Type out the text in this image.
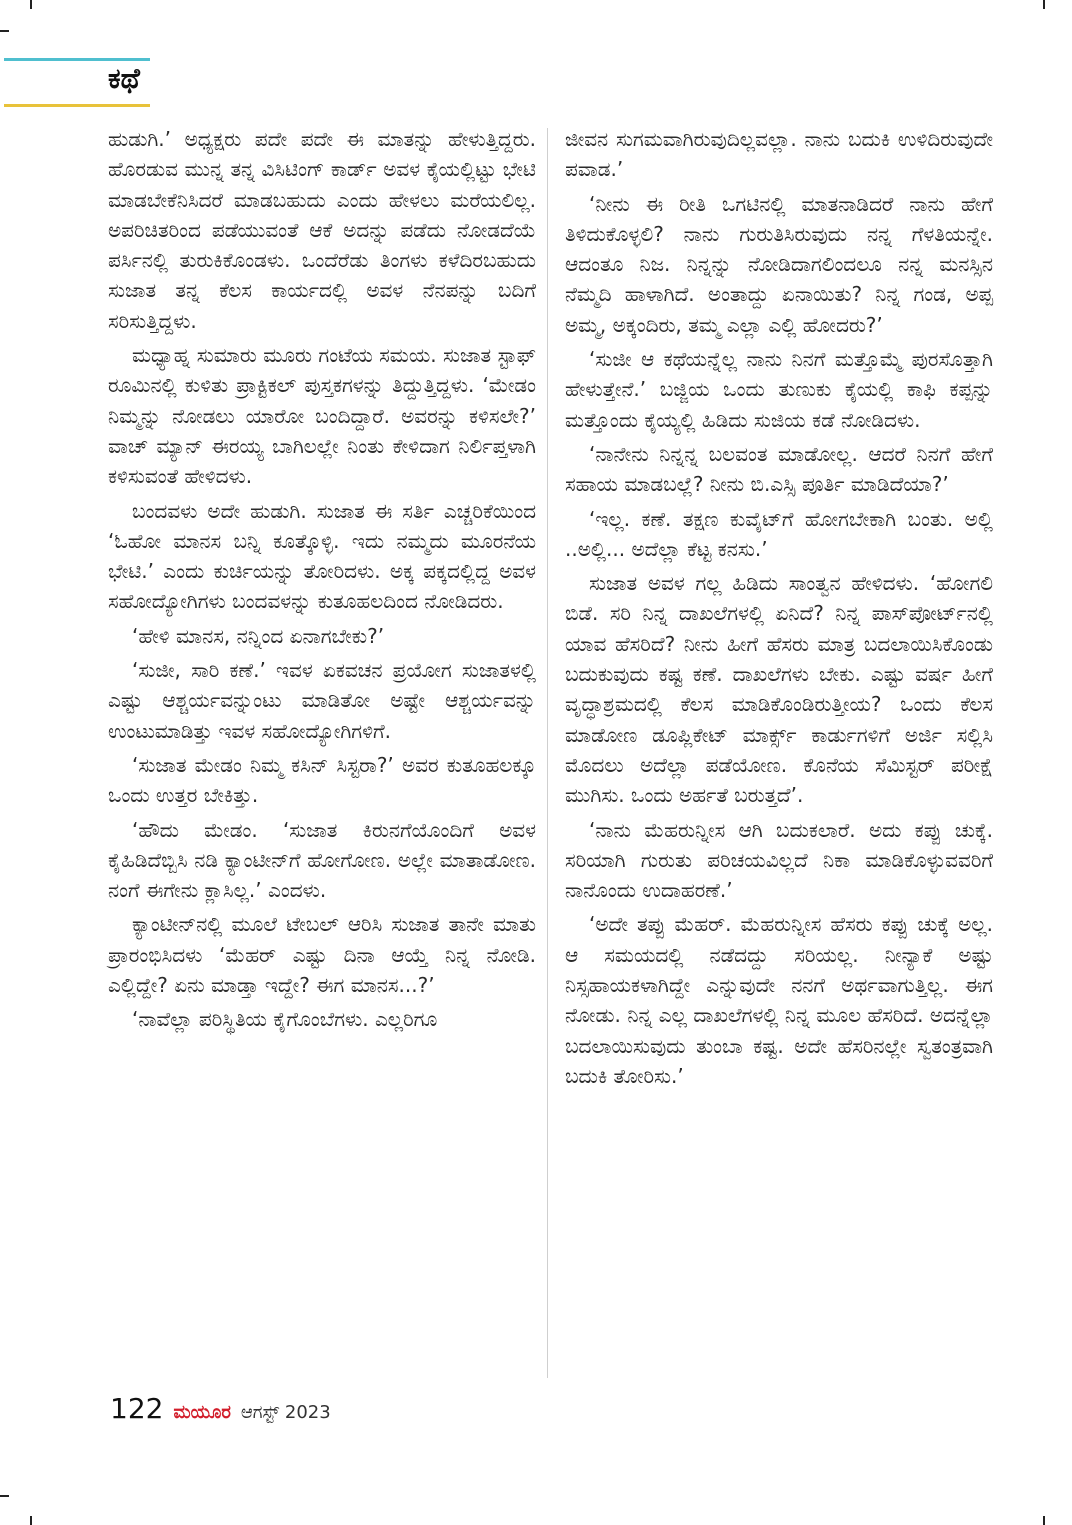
ಕಥೆ

ಹುಡುಗಿ.’ ಅಧ್ಯಕ್ಷರು ಪದೇ ಪದೇ ಈ ಮಾತನ್ನು ಹೇಳುತ್ತಿದ್ದರು. ಹೊರಡುವ ಮುನ್ನ ತನ್ನ ವಿಸಿಟಿಂಗ್ ಕಾರ್ಡ್ ಅವಳ ಕೈಯಲ್ಲಿಟ್ಟು ಭೇಟಿ ಮಾಡಬೇಕೆನಿಸಿದರೆ ಮಾಡಬಹುದು ಎಂದು ಹೇಳಲು ಮರೆಯಲಿಲ್ಲ. ಅಪರಿಚಿತರಿಂದ ಪಡೆಯುವಂತೆ ಆಕೆ ಅದನ್ನು ಪಡೆದು ನೋಡದೆಯೆ ಪರ್ಸಿನಲ್ಲಿ ತುರುಕಿಕೊಂಡಳು. ಒಂದೆರೆಡು ತಿಂಗಳು ಕಳೆದಿರಬಹುದು ಸುಜಾತ ತನ್ನ ಕೆಲಸ ಕಾರ್ಯದಲ್ಲಿ ಅವಳ ನೆನಪನ್ನು ಬದಿಗೆ ಸರಿಸುತ್ತಿದ್ದಳು.

ಮಧ್ಯಾಹ್ನ ಸುಮಾರು ಮೂರು ಗಂಟೆಯ ಸಮಯ. ಸುಜಾತ ಸ್ಟಾಫ್ ರೂಮಿನಲ್ಲಿ ಕುಳಿತು ಪ್ರಾಕ್ಟಿಕಲ್ ಪುಸ್ತಕಗಳನ್ನು ತಿದ್ದುತ್ತಿದ್ದಳು. ‘ಮೇಡಂ ನಿಮ್ಮನ್ನು ನೋಡಲು ಯಾರೋ ಬಂದಿದ್ದಾರೆ. ಅವರನ್ನು ಕಳಿಸಲೇ?’ ವಾಚ್ ಮ್ಯಾನ್ ಈರಯ್ಯ ಬಾಗಿಲಲ್ಲೇ ನಿಂತು ಕೇಳಿದಾಗ ನಿರ್ಲಿಪ್ತಳಾಗಿ ಕಳಿಸುವಂತೆ ಹೇಳಿದಳು.

ಬಂದವಳು ಅದೇ ಹುಡುಗಿ. ಸುಜಾತ ಈ ಸರ್ತಿ ಎಚ್ಚರಿಕೆಯಿಂದ ‘ಓಹೋ ಮಾನಸ ಬನ್ನಿ ಕೂತ್ಕೊಳ್ಳಿ. ಇದು ನಮ್ಮದು ಮೂರನೆಯ ಭೇಟಿ.’ ಎಂದು ಕುರ್ಚಿಯನ್ನು ತೋರಿದಳು. ಅಕ್ಕ ಪಕ್ಕದಲ್ಲಿದ್ದ ಅವಳ ಸಹೋದ್ಯೋಗಿಗಳು ಬಂದವಳನ್ನು ಕುತೂಹಲದಿಂದ ನೋಡಿದರು.

‘ಹೇಳಿ ಮಾನಸ, ನನ್ನಿಂದ ಏನಾಗಬೇಕು?’

‘ಸುಜೀ, ಸಾರಿ ಕಣೆ.’ ಇವಳ ಏಕವಚನ ಪ್ರಯೋಗ ಸುಜಾತಳಲ್ಲಿ ಎಷ್ಟು ಆಶ್ಚರ್ಯವನ್ನುಂಟು ಮಾಡಿತೋ ಅಷ್ಟೇ ಆಶ್ಚರ್ಯವನ್ನು ಉಂಟುಮಾಡಿತ್ತು ಇವಳ ಸಹೋದ್ಯೋಗಿಗಳಿಗೆ.

‘ಸುಜಾತ ಮೇಡಂ ನಿಮ್ಮ ಕಸಿನ್ ಸಿಸ್ಟರಾ?’ ಅವರ ಕುತೂಹಲಕ್ಕೂ ಒಂದು ಉತ್ತರ ಬೇಕಿತ್ತು.

‘ಹೌದು ಮೇಡಂ. ‘ಸುಜಾತ ಕಿರುನಗೆಯೊಂದಿಗೆ ಅವಳ ಕೈಹಿಡಿದೆಬ್ಬಿಸಿ ನಡಿ ಕ್ಯಾಂಟೀನ್‌ಗೆ ಹೋಗೋಣ. ಅಲ್ಲೇ ಮಾತಾಡೋಣ. ನಂಗೆ ಈಗೇನು ಕ್ಲಾಸಿಲ್ಲ.’ ಎಂದಳು.

ಕ್ಯಾಂಟೀನ್‌ನಲ್ಲಿ ಮೂಲೆ ಟೇಬಲ್ ಆರಿಸಿ ಸುಜಾತ ತಾನೇ ಮಾತು ಪ್ರಾರಂಭಿಸಿದಳು ‘ಮೆಹರ್ ಎಷ್ಟು ದಿನಾ ಆಯ್ತೆ ನಿನ್ನ ನೋಡಿ. ಎಲ್ಲಿದ್ದೇ? ಏನು ಮಾಡ್ತಾ ಇದ್ದೇ? ಈಗ ಮಾನಸ...?’

‘ನಾವೆಲ್ಲಾ ಪರಿಸ್ಥಿತಿಯ ಕೈಗೊಂಬೆಗಳು. ಎಲ್ಲರಿಗೂ

ಜೀವನ ಸುಗಮವಾಗಿರುವುದಿಲ್ಲವಲ್ಲಾ. ನಾನು ಬದುಕಿ ಉಳಿದಿರುವುದೇ ಪವಾಡ.’

‘ನೀನು ಈ ರೀತಿ ಒಗಟಿನಲ್ಲಿ ಮಾತನಾಡಿದರೆ ನಾನು ಹೇಗೆ ತಿಳಿದುಕೊಳ್ಳಲಿ? ನಾನು ಗುರುತಿಸಿರುವುದು ನನ್ನ ಗೆಳತಿಯನ್ನೇ. ಆದಂತೂ ನಿಜ. ನಿನ್ನನ್ನು ನೋಡಿದಾಗಲಿಂದಲೂ ನನ್ನ ಮನಸ್ಸಿನ ನೆಮ್ಮದಿ ಹಾಳಾಗಿದೆ. ಅಂತಾದ್ದು ಏನಾಯಿತು? ನಿನ್ನ ಗಂಡ, ಅಪ್ಪ ಅಮ್ಮ, ಅಕ್ಕಂದಿರು, ತಮ್ಮ ಎಲ್ಲಾ ಎಲ್ಲಿ ಹೋದರು?’

‘ಸುಜೀ ಆ ಕಥೆಯನ್ನೆಲ್ಲ ನಾನು ನಿನಗೆ ಮತ್ತೊಮ್ಮೆ ಪುರಸೊತ್ತಾಗಿ ಹೇಳುತ್ತೇನೆ.’ ಬಜ್ಜಿಯ ಒಂದು ತುಣುಕು ಕೈಯಲ್ಲಿ ಕಾಫಿ ಕಪ್ಪನ್ನು ಮತ್ತೊಂದು ಕೈಯ್ಯಲ್ಲಿ ಹಿಡಿದು ಸುಜಿಯ ಕಡೆ ನೋಡಿದಳು.

‘ನಾನೇನು ನಿನ್ನನ್ನ ಬಲವಂತ ಮಾಡೋಲ್ಲ. ಆದರೆ ನಿನಗೆ ಹೇಗೆ ಸಹಾಯ ಮಾಡಬಲ್ಲೆ? ನೀನು ಬಿ.ಎಸ್ಸಿ ಪೂರ್ತಿ ಮಾಡಿದೆಯಾ?’

‘ಇಲ್ಲ. ಕಣೆ. ತಕ್ಷಣ ಕುವೈಟ್‌ಗೆ ಹೋಗಬೇಕಾಗಿ ಬಂತು. ಅಲ್ಲಿ ..ಅಲ್ಲಿ... ಅದೆಲ್ಲಾ ಕೆಟ್ಟ ಕನಸು.’

ಸುಜಾತ ಅವಳ ಗಲ್ಲ ಹಿಡಿದು ಸಾಂತ್ವನ ಹೇಳಿದಳು. ‘ಹೋಗಲಿ ಬಿಡೆ. ಸರಿ ನಿನ್ನ ದಾಖಲೆಗಳಲ್ಲಿ ಏನಿದೆ? ನಿನ್ನ ಪಾಸ್‌ಪೋರ್ಟ್‌ನಲ್ಲಿ ಯಾವ ಹೆಸರಿದೆ? ನೀನು ಹೀಗೆ ಹೆಸರು ಮಾತ್ರ ಬದಲಾಯಿಸಿಕೊಂಡು ಬದುಕುವುದು ಕಷ್ಟ ಕಣೆ. ದಾಖಲೆಗಳು ಬೇಕು. ಎಷ್ಟು ವರ್ಷ ಹೀಗೆ ವೃದ್ಧಾಶ್ರಮದಲ್ಲಿ ಕೆಲಸ ಮಾಡಿಕೊಂಡಿರುತ್ತೀಯ? ಒಂದು ಕೆಲಸ ಮಾಡೋಣ ಡೂಪ್ಲಿಕೇಟ್ ಮಾರ್ಕ್ಸ್ ಕಾರ್ಡುಗಳಿಗೆ ಅರ್ಜಿ ಸಲ್ಲಿಸಿ ಮೊದಲು ಅದೆಲ್ಲಾ ಪಡೆಯೋಣ. ಕೊನೆಯ ಸೆಮಿಸ್ಟರ್ ಪರೀಕ್ಷೆ ಮುಗಿಸು. ಒಂದು ಅರ್ಹತೆ ಬರುತ್ತದೆ’.

‘ನಾನು ಮೆಹರುನ್ನೀಸ ಆಗಿ ಬದುಕಲಾರೆ. ಅದು ಕಪ್ಪು ಚುಕ್ಕೆ. ಸರಿಯಾಗಿ ಗುರುತು ಪರಿಚಯವಿಲ್ಲದೆ ನಿಕಾ ಮಾಡಿಕೊಳ್ಳುವವರಿಗೆ ನಾನೊಂದು ಉದಾಹರಣೆ.’

‘ಅದೇ ತಪ್ಪು ಮೆಹರ್. ಮೆಹರುನ್ನೀಸ ಹೆಸರು ಕಪ್ಪು ಚುಕ್ಕೆ ಅಲ್ಲ. ಆ ಸಮಯದಲ್ಲಿ ನಡೆದದ್ದು ಸರಿಯಲ್ಲ. ನೀನ್ಯಾಕೆ ಅಷ್ಟು ನಿಸ್ಸಹಾಯಕಳಾಗಿದ್ದೇ ಎನ್ನುವುದೇ ನನಗೆ ಅರ್ಥವಾಗುತ್ತಿಲ್ಲ. ಈಗ ನೋಡು. ನಿನ್ನ ಎಲ್ಲ ದಾಖಲೆಗಳಲ್ಲಿ ನಿನ್ನ ಮೂಲ ಹೆಸರಿದೆ. ಅದನ್ನೆಲ್ಲಾ ಬದಲಾಯಿಸುವುದು ತುಂಬಾ ಕಷ್ಟ. ಅದೇ ಹೆಸರಿನಲ್ಲೇ ಸ್ವತಂತ್ರವಾಗಿ ಬದುಕಿ ತೋರಿಸು.’

122 ಮಯೂರ ಆಗಸ್ಟ್ 2023
